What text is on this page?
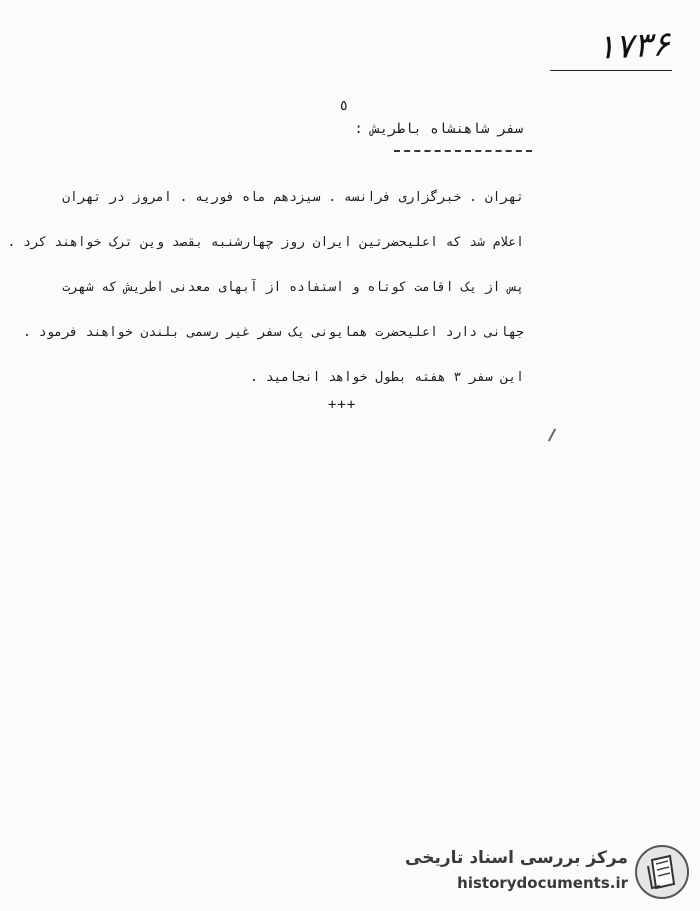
۱۷۳۶
٥
سفر شاهنشاه باطریش :
تهران . خبرگزاری فرانسه . سیزدهم ماه فوریه . امروز در تهران
اعلام شد که اعلیحضرتین ایران روز چهارشنبه بقصد وین ترک خواهند کرد .
پس از یک اقامت کوتاه و استفاده از آبهای معدنی اطریش که شهرت
جهانی دارد اعلیحضرت همایونی یک سفر غیر رسمی بلندن خواهند فرمود .
این سفر ۳ هفته بطول خواهد انجامید .
+++
مرکز بررسی اسناد تاریخی
historydocuments.ir
